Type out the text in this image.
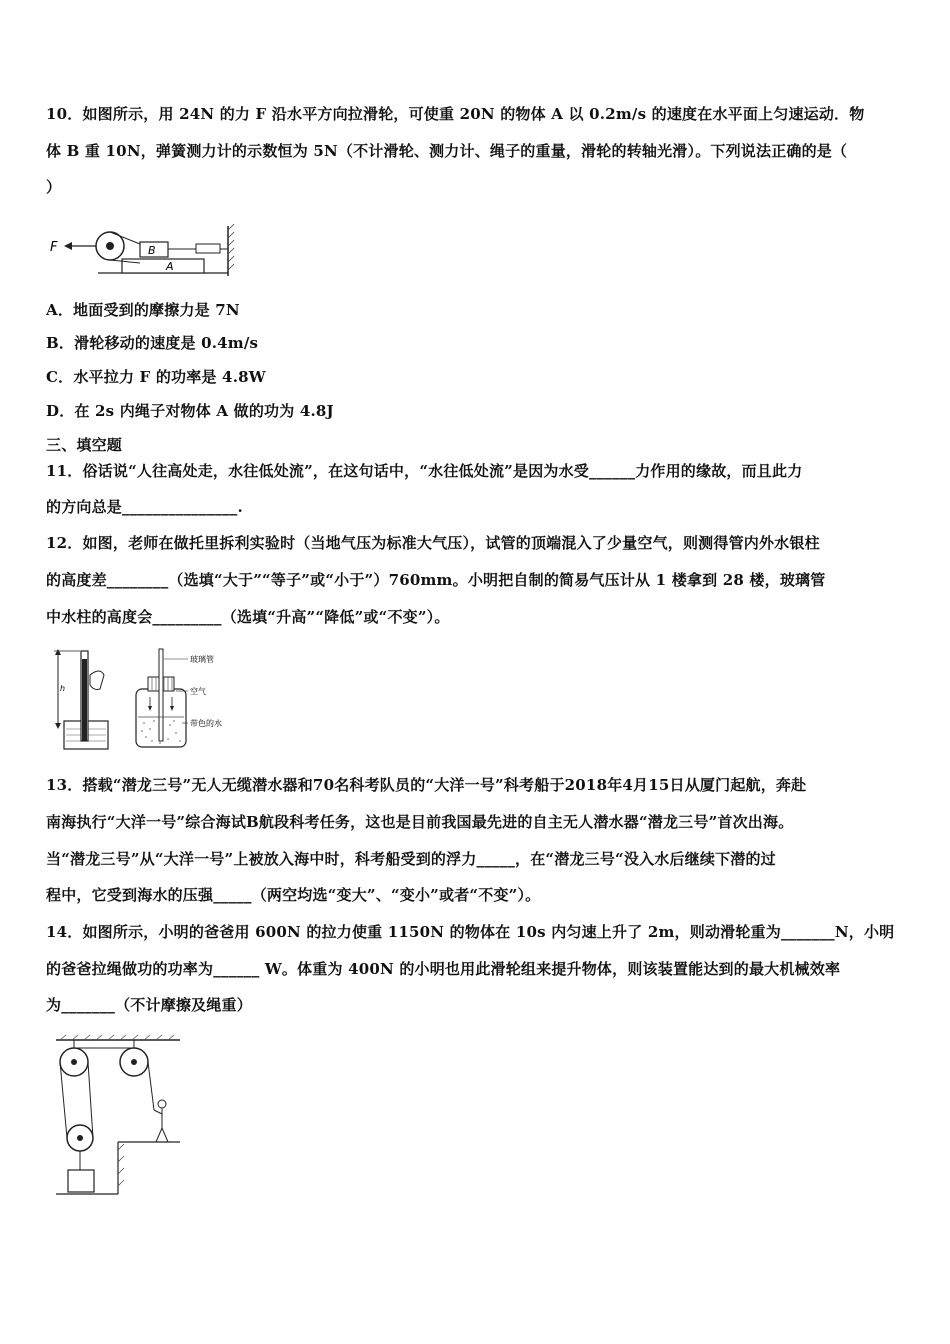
10．如图所示，用 24N 的力 F 沿水平方向拉滑轮，可使重 20N 的物体 A 以 0.2m/s 的速度在水平面上匀速运动．物
体 B 重 10N，弹簧测力计的示数恒为 5N（不计滑轮、测力计、绳子的重量，滑轮的转轴光滑）。下列说法正确的是（
）
A
B
F
A．地面受到的摩擦力是 7N
B．滑轮移动的速度是 0.4m/s
C．水平拉力 F 的功率是 4.8W
D．在 2s 内绳子对物体 A 做的功为 4.8J
三、填空题
11．俗话说“人往高处走，水往低处流”，在这句话中，“水往低处流”是因为水受______力作用的缘故，而且此力
的方向总是_______________.
12．如图，老师在做托里拆利实验时（当地气压为标准大气压），试管的顶端混入了少量空气，则测得管内外水银柱
的高度差________（选填“大于”“等子”或“小于”）760mm。小明把自制的简易气压计从 1 楼拿到 28 楼，玻璃管
中水柱的高度会_________（选填“升高”“降低”或“不变”）。
h
玻璃管
空气
带色的水
13．搭载“潜龙三号”无人无缆潜水器和70名科考队员的“大洋一号”科考船于2018年4月15日从厦门起航，奔赴
南海执行“大洋一号”综合海试B航段科考任务，这也是目前我国最先进的自主无人潜水器“潜龙三号”首次出海。
当“潜龙三号”从“大洋一号”上被放入海中时，科考船受到的浮力_____，在“潜龙三号“没入水后继续下潜的过
程中，它受到海水的压强_____（两空均选“变大”、“变小”或者“不变”）。
14．如图所示，小明的爸爸用 600N 的拉力使重 1150N 的物体在 10s 内匀速上升了 2m，则动滑轮重为_______N，小明
的爸爸拉绳做功的功率为______ W。体重为 400N 的小明也用此滑轮组来提升物体，则该装置能达到的最大机械效率
为_______（不计摩擦及绳重）
